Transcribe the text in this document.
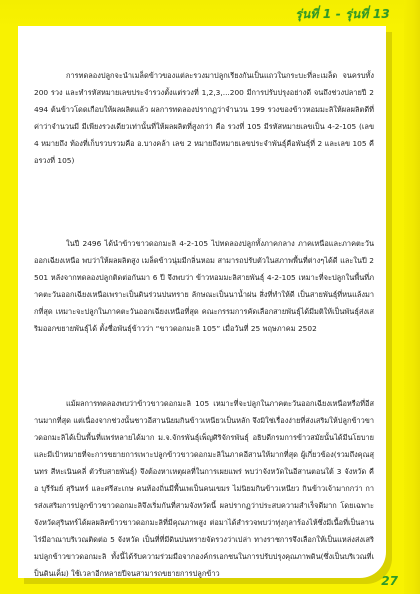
รุ่นที่ 1 - รุ่นที่ 13

การทดลองปลูกจะนำเมล็ดข้าวของแต่ละรวงมาปลูกเรียงกันเป็นแถวในกระบะที่ละเมล็ด จนครบทั้ง 200 รวง และทำรหัสหมายเลขประจำรวงตั้งแต่รวงที่ 1,2,3,...200 มีการปรับปรุงอย่างดี จนถึงช่วงปลายปี 2494 ต้นข้าวโดดเกือบให้ผลผลิตแล้ว ผลการทดลองปรากฏว่าจำนวน 199 รวงของข้าวหอมมะลิให้ผลผลิตดีที่ค่าว่าจำนวนมี มีเพียงรวงเดียวเท่านั้นที่ให้ผลผลิตที่สูงกว่า คือ รวงที่ 105 มีรหัสหมายเลขเป็น 4-2-105 (เลข 4 หมายถึง ท้องที่เก็บรวบรวมคือ อ.บางคล้า เลข 2 หมายถึงหมายเลขประจำพันธุ์คือพันธุ์ที่ 2 และเลข 105 คือรวงที่ 105)

ในปี 2496 ได้นำข้าวขาวดอกมะลิ 4-2-105 ไปทดลองปลูกทั้งภาคกลาง ภาคเหนือและภาคตะวันออกเฉียงเหนือ พบว่าให้ผลผลิตสูง เมล็ดข้าวนุ่มมีกลิ่นหอม สามารถปรับตัวในสภาพพื้นที่ต่างๆได้ดี และในปี 2501 หลังจากทดลองปลูกติดต่อกันมา 6 ปี จึงพบว่า ข้าวหอมมะลิสายพันธุ์ 4-2-105 เหมาะที่จะปลูกในพื้นที่ภาคตะวันออกเฉียงเหนือเพราะเป็นดินร่วนปนทราย ลักษณะเป็นนาน้ำฝน สิ่งที่ทำให้ดี เป็นสายพันธุ์ที่หนแล้งมากที่สุด เหมาะจะปลูกในภาคตะวันออกเฉียงเหนือที่สุด คณะกรรมการคัดเลือกสายพันธุ์ได้มีมติให้เป็นพันธุ์ส่งเสริมออกขยายพันธุ์ได้ ตั้งชื่อพันธุ์ข้าวว่า “ขาวดอกมะลิ 105” เมื่อวันที่ 25 พฤษภาคม 2502

แม้ผลการทดลองพบว่าข้าวขาวดอกมะลิ 105 เหมาะที่จะปลูกในภาคตะวันออกเฉียงเหนือหรือที่อีสานมากที่สุด แต่เนื่องจากช่วงนั้นชาวอีสานนิยมกินข้าวเหนียวเป็นหลัก จึงมิใช่เรื่องง่ายที่ส่งเสริมให้ปลูกข้าวขาวดอกมะลิได้เป็นพื้นที่แพร่หลายได้มาก ม.จ.จักรพันธุ์เพ็ญศิริจักรพันธุ์ อธิบดีกรมการข้าวสมัยนั้นได้มีนโยบายและมีเป้าหมายที่จะการขยายการเพาะปลูกข้าวขาวดอกมะลิในภาคอีสานให้มากที่สุด ผู้เกี่ยวข้อง(รวมถึงคุณสุนทร สีหะเนินคลี่ ตัวรับสายพันธุ์) จึงต้องหาเหตุผลที่ในการเผยแพร่ พบว่าจังหวัดในอีสานตอนใต้ 3 จังหวัด คือ บุรีรัมย์ สุรินทร์ และศรีสะเกษ คนท้องถิ่นมีพื้นเพเป็นคนเขมร ไม่นิยมกินข้าวเหนียว กินข้าวเจ้ามากกว่า การส่งเสริมการปลูกข้าวขาวดอกมะลิจึงเริ่มกันที่สามจังหวัดนี้ ผลปรากฏว่าประสบความสำเร็จดีมาก โดยเฉพาะจังหวัดสุรินทร์ได้ผลผลิตข้าวขาวดอกมะลิที่มีคุณภาพสูง ต่อมาได้สำรวจพบว่าทุ่งกุลาร้องไห้ซึ่งมีเนื้อที่เป็นลานไร่มีอาณาบริเวณติดต่อ 5 จังหวัด เป็นที่ที่มีดินปนทรายจัดรวงว่าเปล่า ทางราชการจึงเลือกให้เป็นแหล่งส่งเสริมปลูกข้าวขาวดอกมะลิ ทั้งนี้ได้รับความร่วมมือจากองค์กรเอกชนในการปรับปรุงคุณภาพดิน(ซึ่งเป็นบริเวณที่เป็นดินเค็ม) ใช้เวลาอีกหลายปีจนสามารถขยายการปลูกข้าว

27
